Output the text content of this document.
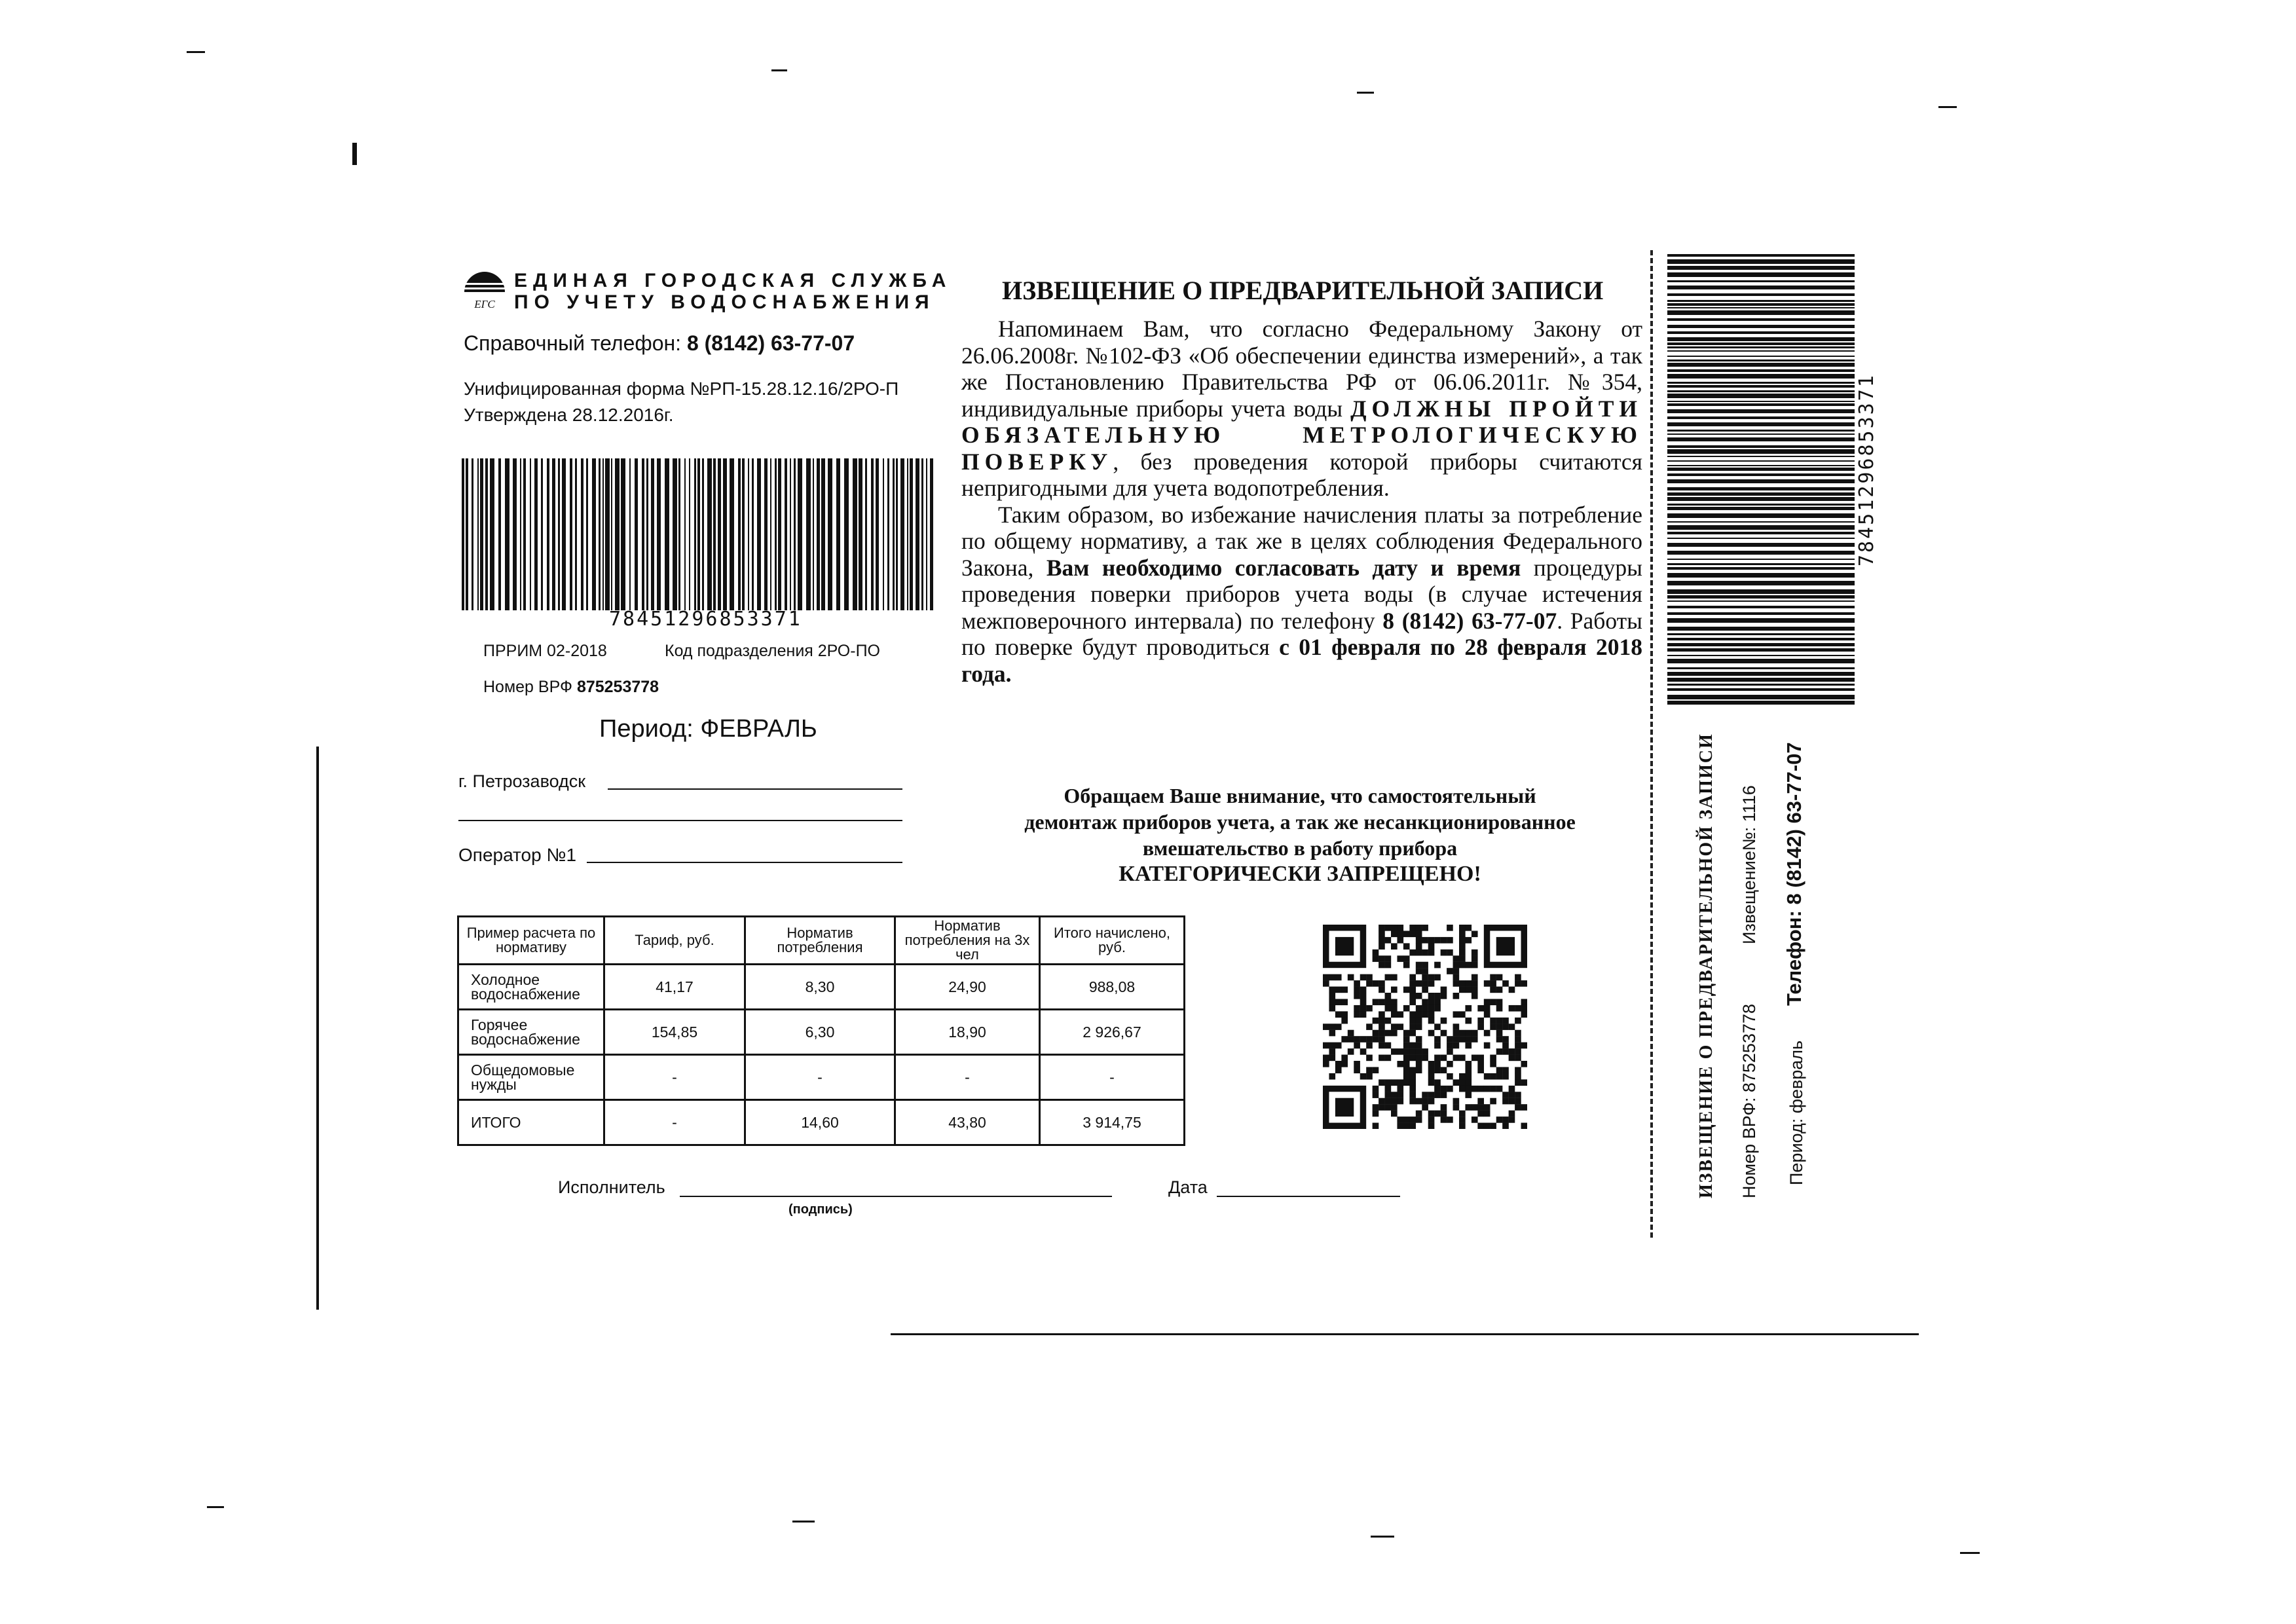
ЕГС
ЕДИНАЯ ГОРОДСКАЯ СЛУЖБА
ПО УЧЕТУ ВОДОСНАБЖЕНИЯ
Справочный телефон: 8 (8142) 63-77-07
Унифицированная форма №РП-15.28.12.16/2РО-П
Утверждена 28.12.2016г.
78451296853371
ПРРИМ 02-2018	Код подразделения 2РО-ПО
Номер ВРФ 875253778
Период: ФЕВРАЛЬ
г. Петрозаводск
Оператор №1
ИЗВЕЩЕНИЕ О ПРЕДВАРИТЕЛЬНОЙ ЗАПИСИ

Напоминаем Вам, что согласно Федеральному Закону от 26.06.2008г. №102-ФЗ «Об обеспечении единства измерений», а так же Постановлению Правительства РФ от 06.06.2011г. №354, индивидуальные приборы учета воды ДОЛЖНЫ ПРОЙТИ ОБЯЗАТЕЛЬНУЮ МЕТРОЛОГИЧЕСКУЮ ПОВЕРКУ, без проведения которой приборы считаются непригодными для учета водопотребления.

Таким образом, во избежание начисления платы за потребление по общему нормативу, а так же в целях соблюдения Федерального Закона, Вам необходимо согласовать дату и время процедуры проведения поверки приборов учета воды (в случае истечения межповерочного интервала) по телефону 8 (8142) 63-77-07. Работы по поверке будут проводиться с 01 февраля по 28 февраля 2018 года.

Обращаем Ваше внимание, что самостоятельный
демонтаж приборов учета, а так же несанкционированное
вмешательство в работу прибора
КАТЕГОРИЧЕСКИ ЗАПРЕЩЕНО!
Пример расчета по нормативу	Тариф, руб.	Норматив потребления	Норматив потребления на 3х чел	Итого начислено, руб.
Холодное водоснабжение	41,17	8,30	24,90	988,08
Горячее водоснабжение	154,85	6,30	18,90	2 926,67
Общедомовые нужды	-	-	-	-
ИТОГО	-	14,60	43,80	3 914,75
Исполнитель
(подпись)
Дата
78451296853371
ИЗВЕЩЕНИЕ О ПРЕДВАРИТЕЛЬНОЙ ЗАПИСИ Номер ВРФ: 875253778
Извещение№: 1116
Период: февраль
Телефон: 8 (8142) 63-77-07
